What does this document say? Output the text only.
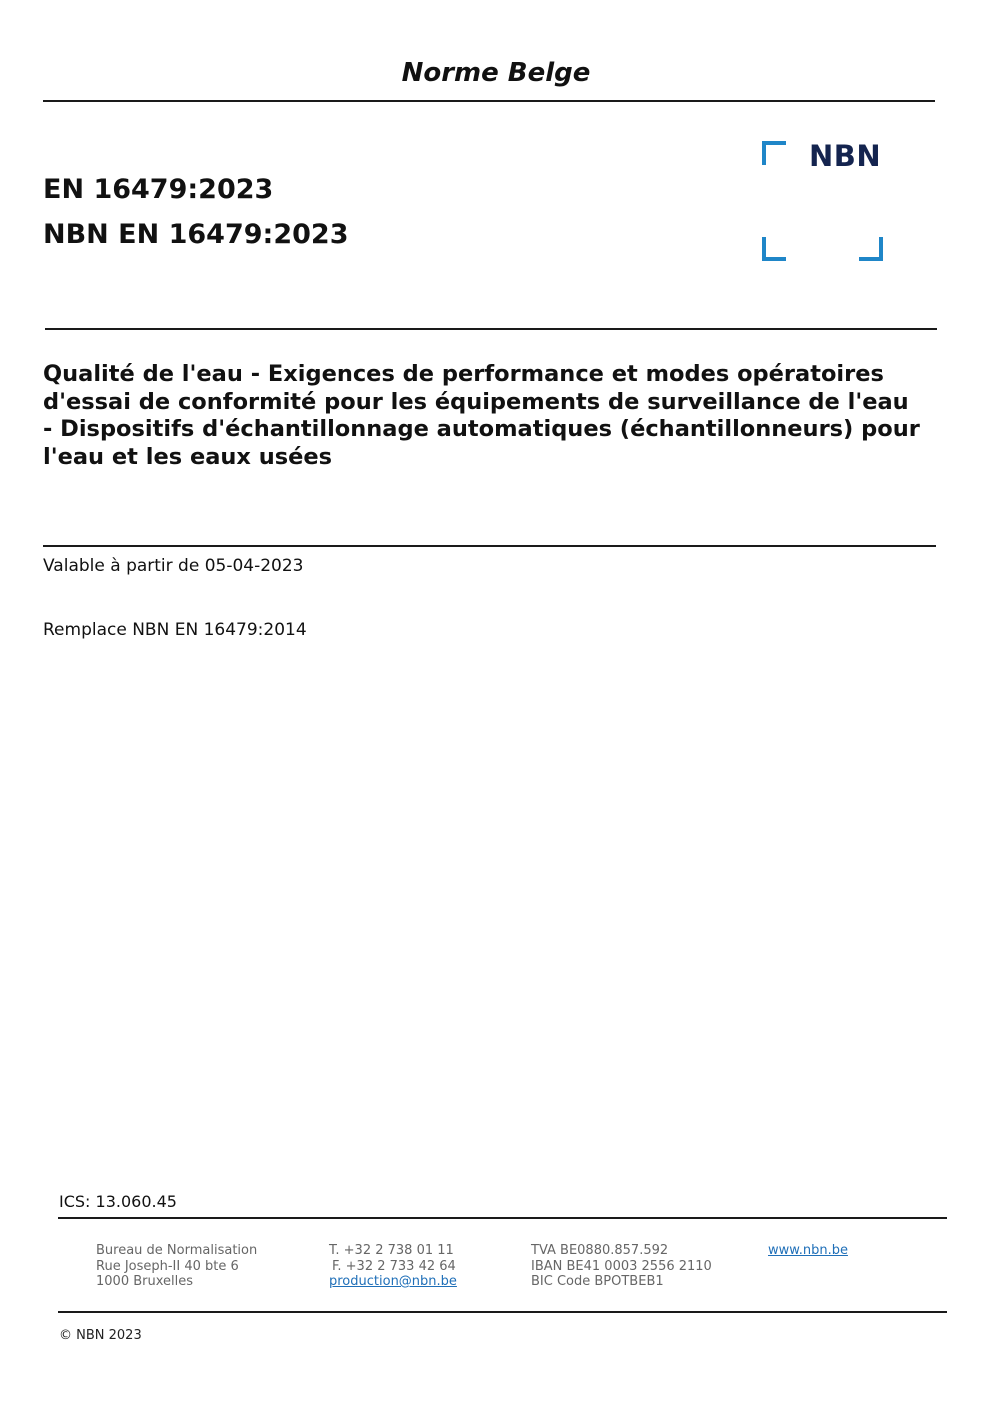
Norme Belge
EN 16479:2023
NBN EN 16479:2023
NBN
Qualité de l'eau - Exigences de performance et modes opératoires d'essai de conformité pour les équipements de surveillance de l'eau - Dispositifs d'échantillonnage automatiques (échantillonneurs) pour l'eau et les eaux usées
Valable à partir de 05-04-2023
Remplace NBN EN 16479:2014
ICS: 13.060.45
Bureau de Normalisation
Rue Joseph-II 40 bte 6
1000 Bruxelles
T. +32 2 738 01 11
F. +32 2 733 42 64
production@nbn.be
TVA BE0880.857.592
IBAN BE41 0003 2556 2110
BIC Code BPOTBEB1
www.nbn.be
© NBN 2023
